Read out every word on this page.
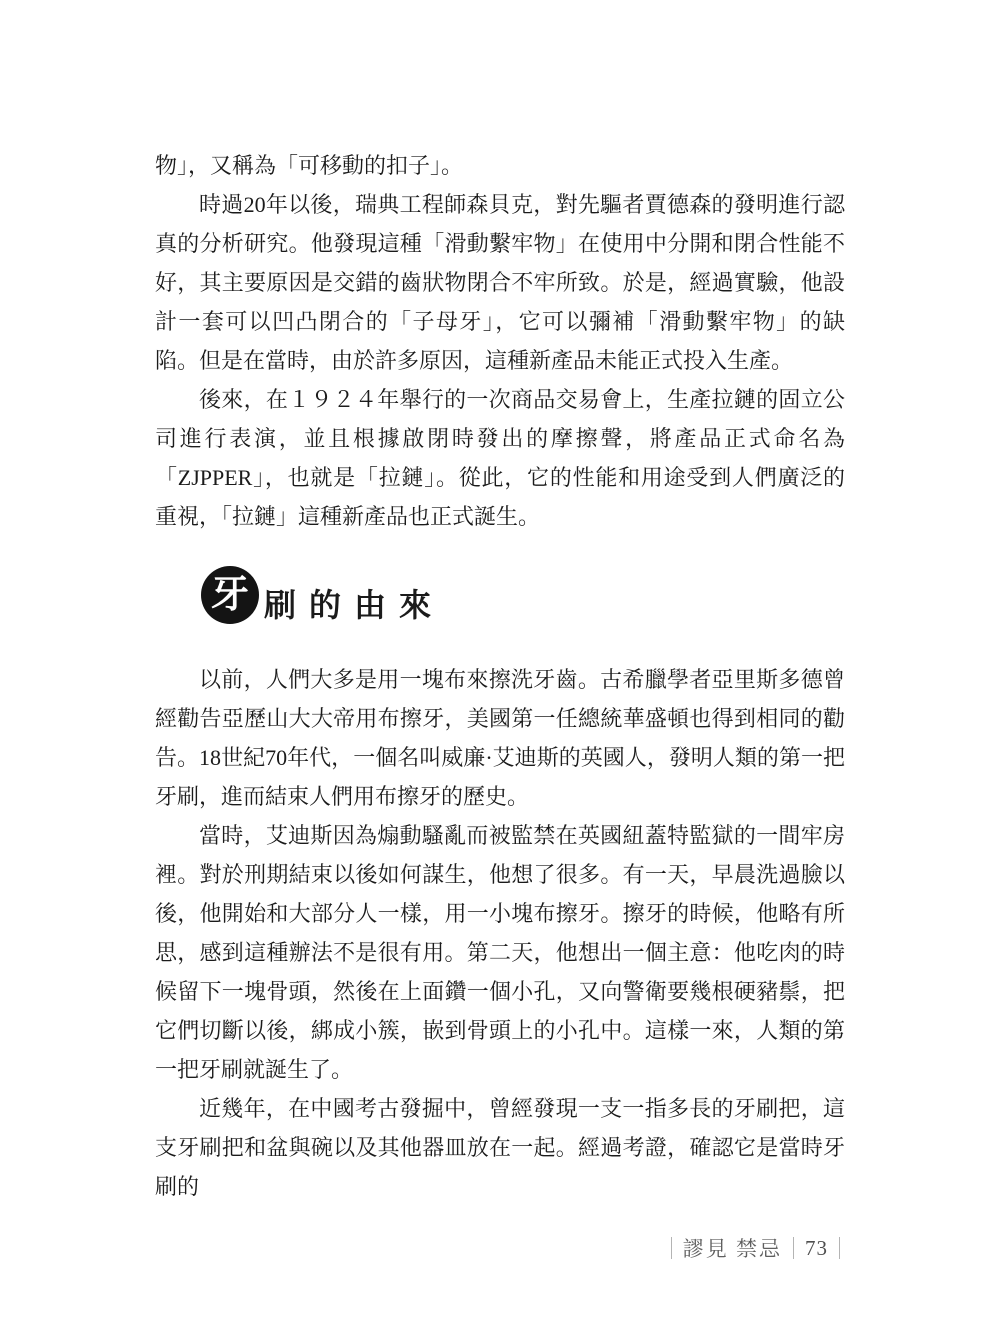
物」，又稱為「可移動的扣子」。

時過20年以後，瑞典工程師森貝克，對先驅者賈德森的發明進行認真的分析研究。他發現這種「滑動繫牢物」在使用中分開和閉合性能不好，其主要原因是交錯的齒狀物閉合不牢所致。於是，經過實驗，他設計一套可以凹凸閉合的「子母牙」，它可以彌補「滑動繫牢物」的缺陷。但是在當時，由於許多原因，這種新產品未能正式投入生產。

後來，在１９２４年舉行的一次商品交易會上，生產拉鏈的固立公司進行表演，並且根據啟閉時發出的摩擦聲，將產品正式命名為「ZJPPER」，也就是「拉鏈」。從此，它的性能和用途受到人們廣泛的重視，「拉鏈」這種新產品也正式誕生。

牙 刷的由來

以前，人們大多是用一塊布來擦洗牙齒。古希臘學者亞里斯多德曾經勸告亞歷山大大帝用布擦牙，美國第一任總統華盛頓也得到相同的勸告。18世紀70年代，一個名叫威廉·艾迪斯的英國人，發明人類的第一把牙刷，進而結束人們用布擦牙的歷史。

當時，艾迪斯因為煽動騷亂而被監禁在英國紐蓋特監獄的一間牢房裡。對於刑期結束以後如何謀生，他想了很多。有一天，早晨洗過臉以後，他開始和大部分人一樣，用一小塊布擦牙。擦牙的時候，他略有所思，感到這種辦法不是很有用。第二天，他想出一個主意：他吃肉的時候留下一塊骨頭，然後在上面鑽一個小孔，又向警衛要幾根硬豬鬃，把它們切斷以後，綁成小簇，嵌到骨頭上的小孔中。這樣一來，人類的第一把牙刷就誕生了。

近幾年，在中國考古發掘中，曾經發現一支一指多長的牙刷把，這支牙刷把和盆與碗以及其他器皿放在一起。經過考證，確認它是當時牙刷的

謬見 禁忌 73
